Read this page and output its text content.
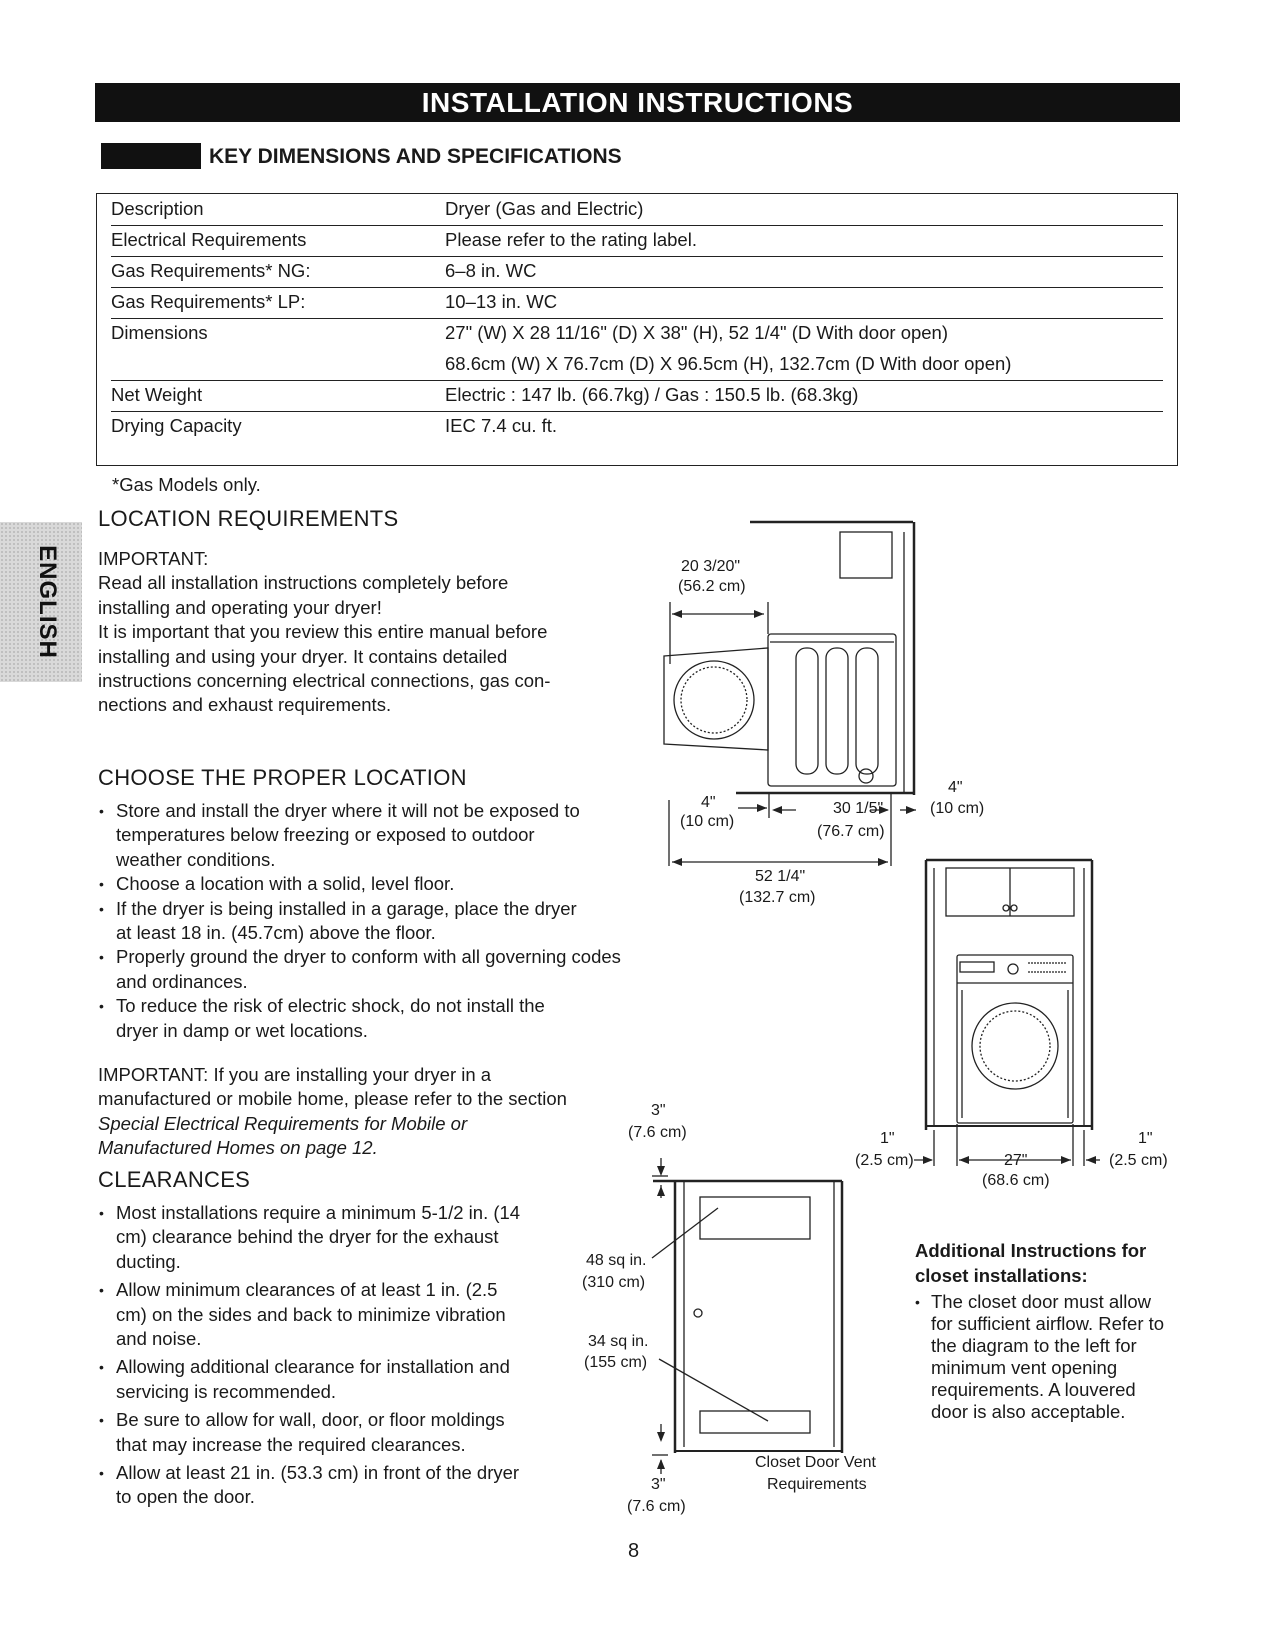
INSTALLATION INSTRUCTIONS
KEY DIMENSIONS AND SPECIFICATIONS
Description	Dryer (Gas and Electric)
Electrical Requirements	Please refer to the rating label.
Gas Requirements* NG:	6–8 in. WC
Gas Requirements* LP:	10–13 in. WC
Dimensions	27" (W) X 28 11/16" (D) X 38" (H), 52 1/4" (D With door open)
68.6cm (W) X 76.7cm (D) X 96.5cm (H), 132.7cm (D With door open)
Net Weight	Electric : 147 lb. (66.7kg) / Gas : 150.5 lb. (68.3kg)
Drying Capacity	IEC 7.4 cu. ft.
*Gas Models only.
ENGLISH
LOCATION REQUIREMENTS
IMPORTANT:
Read all installation instructions completely before
installing and operating your dryer!
It is important that you review this entire manual before
installing and using your dryer. It contains detailed
instructions concerning electrical connections, gas con-
nections and exhaust requirements.
CHOOSE THE PROPER LOCATION
• Store and install the dryer where it will not be exposed to temperatures below freezing or exposed to outdoor weather conditions.
• Choose a location with a solid, level floor.
• If the dryer is being installed in a garage, place the dryer at least 18 in. (45.7cm) above the floor.
• Properly ground the dryer to conform with all governing codes and ordinances.
• To reduce the risk of electric shock, do not install the dryer in damp or wet locations.
IMPORTANT: If you are installing your dryer in a manufactured or mobile home, please refer to the section Special Electrical Requirements for Mobile or Manufactured Homes on page 12.
CLEARANCES
• Most installations require a minimum 5-1/2 in. (14 cm) clearance behind the dryer for the exhaust ducting.
• Allow minimum clearances of at least 1 in. (2.5 cm) on the sides and back to minimize vibration and noise.
• Allowing additional clearance for installation and servicing is recommended.
• Be sure to allow for wall, door, or floor moldings that may increase the required clearances.
• Allow at least 21 in. (53.3 cm) in front of the dryer to open the door.
20 3/20"
(56.2 cm)
4"
(10 cm)
30 1/5"
(76.7 cm)
4"
(10 cm)
52 1/4"
(132.7 cm)
1"
(2.5 cm)	27"
(68.6 cm)
1"
(2.5 cm)
3"
(7.6 cm)
48 sq in.
(310 cm)
34 sq in.
(155 cm)
3"
(7.6 cm)
Closet Door Vent
Requirements
Additional Instructions for
closet installations:
• The closet door must allow
for sufficient airflow. Refer to
the diagram to the left for
minimum vent opening
requirements. A louvered
door is also acceptable.
8
